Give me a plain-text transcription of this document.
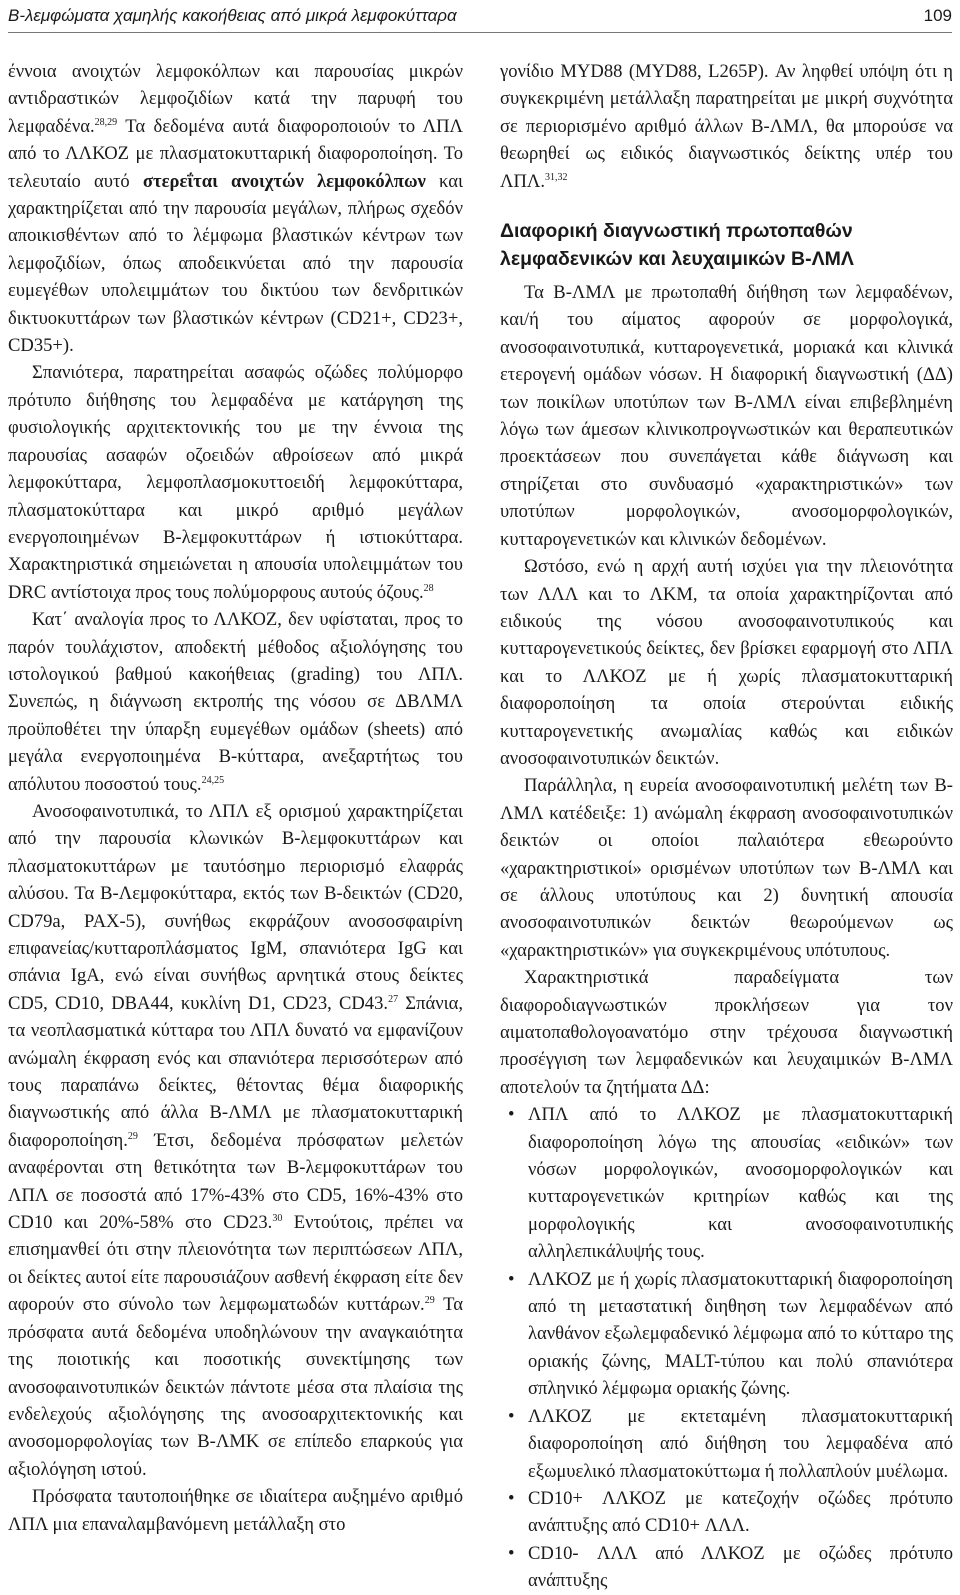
Β-λεμφώματα χαμηλής κακοήθειας από μικρά λεμφοκύτταρα	109

έννοια ανοιχτών λεμφοκόλπων και παρουσίας μικρών αντιδραστικών λεμφοζιδίων κατά την παρυφή του λεμφαδένα.$^{28,29}$ Τα δεδομένα αυτά διαφοροποιούν το ΛΠΛ από το ΛΛΚΟΖ με πλασματοκυτταρική διαφοροποίηση. Το τελευταίο αυτό στερεΐται ανοιχτών λεμφοκόλπων και χαρακτηρίζεται από την παρουσία μεγάλων, πλήρως σχεδόν αποικισθέντων από το λέμφωμα βλαστικών κέντρων των λεμφοζιδίων, όπως αποδεικνύεται από την παρουσία ευμεγέθων υπολειμμάτων του δικτύου των δενδριτικών δικτυοκυττάρων των βλαστικών κέντρων (CD21+, CD23+, CD35+).

Σπανιότερα, παρατηρείται ασαφώς οζώδες πολύμορφο πρότυπο διήθησης του λεμφαδένα με κατάργηση της φυσιολογικής αρχιτεκτονικής του με την έννοια της παρουσίας ασαφών οζοειδών αθροίσεων από μικρά λεμφοκύτταρα, λεμφοπλασμοκυττοειδή λεμφοκύτταρα, πλασματοκύτταρα και μικρό αριθμό μεγάλων ενεργοποιημένων Β-λεμφοκυττάρων ή ιστιοκύτταρα. Χαρακτηριστικά σημειώνεται η απουσία υπολειμμάτων του DRC αντίστοιχα προς τους πολύμορφους αυτούς όζους.$^{28}$

Κατ΄ αναλογία προς το ΛΛΚΟΖ, δεν υφίσταται, προς το παρόν τουλάχιστον, αποδεκτή μέθοδος αξιολόγησης του ιστολογικού βαθμού κακοήθειας (grading) του ΛΠΛ. Συνεπώς, η διάγνωση εκτροπής της νόσου σε ΔΒΛΜΛ προϋποθέτει την ύπαρξη ευμεγέθων ομάδων (sheets) από μεγάλα ενεργοποιημένα Β-κύτταρα, ανεξαρτήτως του απόλυτου ποσοστού τους.$^{24,25}$

Ανοσοφαινοτυπικά, το ΛΠΛ εξ ορισμού χαρακτηρίζεται από την παρουσία κλωνικών Β-λεμφοκυττάρων και πλασματοκυττάρων με ταυτόσημο περιορισμό ελαφράς αλύσου. Τα Β-Λεμφοκύτταρα, εκτός των Β-δεικτών (CD20, CD79a, PAX-5), συνήθως εκφράζουν ανοσοσφαιρίνη επιφανείας/κυτταροπλάσματος IgM, σπανιότερα IgG και σπάνια IgA, ενώ είναι συνήθως αρνητικά στους δείκτες CD5, CD10, DBA44, κυκλίνη D1, CD23, CD43.27 Σπάνια, τα νεοπλασματικά κύτταρα του ΛΠΛ δυνατό να εμφανίζουν ανώμαλη έκφραση ενός και σπανιότερα περισσότερων από τους παραπάνω δείκτες, θέτοντας θέμα διαφορικής διαγνωστικής από άλλα Β-ΛΜΛ με πλασματοκυτταρική διαφοροποίηση.$^{29}$ Έτσι, δεδομένα πρόσφατων μελετών αναφέρονται στη θετικότητα των Β-λεμφοκυττάρων του ΛΠΛ σε ποσοστά από 17%-43% στο CD5, 16%-43% στο CD10 και 20%-58% στο CD23.30 Εντούτοις, πρέπει να επισημανθεί ότι στην πλειονότητα των περιπτώσεων ΛΠΛ, οι δείκτες αυτοί είτε παρουσιάζουν ασθενή έκφραση είτε δεν αφορούν στο σύνολο των λεμφωματωδών κυττάρων.$^{29}$ Τα πρόσφατα αυτά δεδομένα υποδηλώνουν την αναγκαιότητα της ποιοτικής και ποσοτικής συνεκτίμησης των ανοσοφαινοτυπικών δεικτών πάντοτε μέσα στα πλαίσια της ενδελεχούς αξιολόγησης της ανοσοαρχιτεκτονικής και ανοσομορφολογίας των Β-ΛΜΚ σε επίπεδο επαρκούς για αξιολόγηση ιστού.

Πρόσφατα ταυτοποιήθηκε σε ιδιαίτερα αυξημένο αριθμό ΛΠΛ μια επαναλαμβανόμενη μετάλλαξη στο

γονίδιο MYD88 (MYD88, L265P). Αν ληφθεί υπόψη ότι η συγκεκριμένη μετάλλαξη παρατηρείται με μικρή συχνότητα σε περιορισμένο αριθμό άλλων Β-ΛΜΛ, θα μπορούσε να θεωρηθεί ως ειδικός διαγνωστικός δείκτης υπέρ του ΛΠΛ.$^{31,32}$

Διαφορική διαγνωστική πρωτοπαθών
λεμφαδενικών και λευχαιμικών Β-ΛΜΛ

Τα Β-ΛΜΛ με πρωτοπαθή διήθηση των λεμφαδένων, και/ή του αίματος αφορούν σε μορφολογικά, ανοσοφαινοτυπικά, κυτταρογενετικά, μοριακά και κλινικά ετερογενή ομάδων νόσων. Η διαφορική διαγνωστική (ΔΔ) των ποικίλων υποτύπων των Β-ΛΜΛ είναι επιβεβλημένη λόγω των άμεσων κλινικοπρογνωστικών και θεραπευτικών προεκτάσεων που συνεπάγεται κάθε διάγνωση και στηρίζεται στο συνδυασμό «χαρακτηριστικών» των υποτύπων μορφολογικών, ανοσομορφολογικών, κυτταρογενετικών και κλινικών δεδομένων.

Ωστόσο, ενώ η αρχή αυτή ισχύει για την πλειονότητα των ΛΛΛ και το ΛΚΜ, τα οποία χαρακτηρίζονται από ειδικούς της νόσου ανοσοφαινοτυπικούς και κυτταρογενετικούς δείκτες, δεν βρίσκει εφαρμογή στο ΛΠΛ και το ΛΛΚΟΖ με ή χωρίς πλασματοκυτταρική διαφοροποίηση τα οποία στερούνται ειδικής κυτταρογενετικής ανωμαλίας καθώς και ειδικών ανοσοφαινοτυπικών δεικτών.

Παράλληλα, η ευρεία ανοσοφαινοτυπική μελέτη των Β-ΛΜΛ κατέδειξε: 1) ανώμαλη έκφραση ανοσοφαινοτυπικών δεικτών οι οποίοι παλαιότερα εθεωρούντο «χαρακτηριστικοί» ορισμένων υποτύπων των Β-ΛΜΛ και σε άλλους υποτύπους και 2) δυνητική απουσία ανοσοφαινοτυπικών δεικτών θεωρούμενων ως «χαρακτηριστικών» για συγκεκριμένους υπότυπους.

Χαρακτηριστικά παραδείγματα των διαφοροδιαγνωστικών προκλήσεων για τον αιματοπαθολογοανατόμο στην τρέχουσα διαγνωστική προσέγγιση των λεμφαδενικών και λευχαιμικών Β-ΛΜΛ αποτελούν τα ζητήματα ΔΔ:

• ΛΠΛ από το ΛΛΚΟΖ με πλασματοκυτταρική διαφοροποίηση λόγω της απουσίας «ειδικών» των νόσων μορφολογικών, ανοσομορφολογικών και κυτταρογενετικών κριτηρίων καθώς και της μορφολογικής και ανοσοφαινοτυπικής αλληλεπικάλυψής τους.
• ΛΛΚΟΖ με ή χωρίς πλασματοκυτταρική διαφοροποίηση από τη μεταστατική διηθηση των λεμφαδένων από λανθάνον εξωλεμφαδενικό λέμφωμα από το κύτταρο της οριακής ζώνης, MALT-τύπου και πολύ σπανιότερα σπληνικό λέμφωμα οριακής ζώνης.
• ΛΛΚΟΖ με εκτεταμένη πλασματοκυτταρική διαφοροποίηση από διήθηση του λεμφαδένα από εξωμυελικό πλασματοκύττωμα ή πολλαπλούν μυέλωμα.
• CD10+ ΛΛΚΟΖ με κατεζοχήν οζώδες πρότυπο ανάπτυξης από CD10+ ΛΛΛ.
• CD10- ΛΛΛ από ΛΛΚΟΖ με οζώδες πρότυπο ανάπτυξης
